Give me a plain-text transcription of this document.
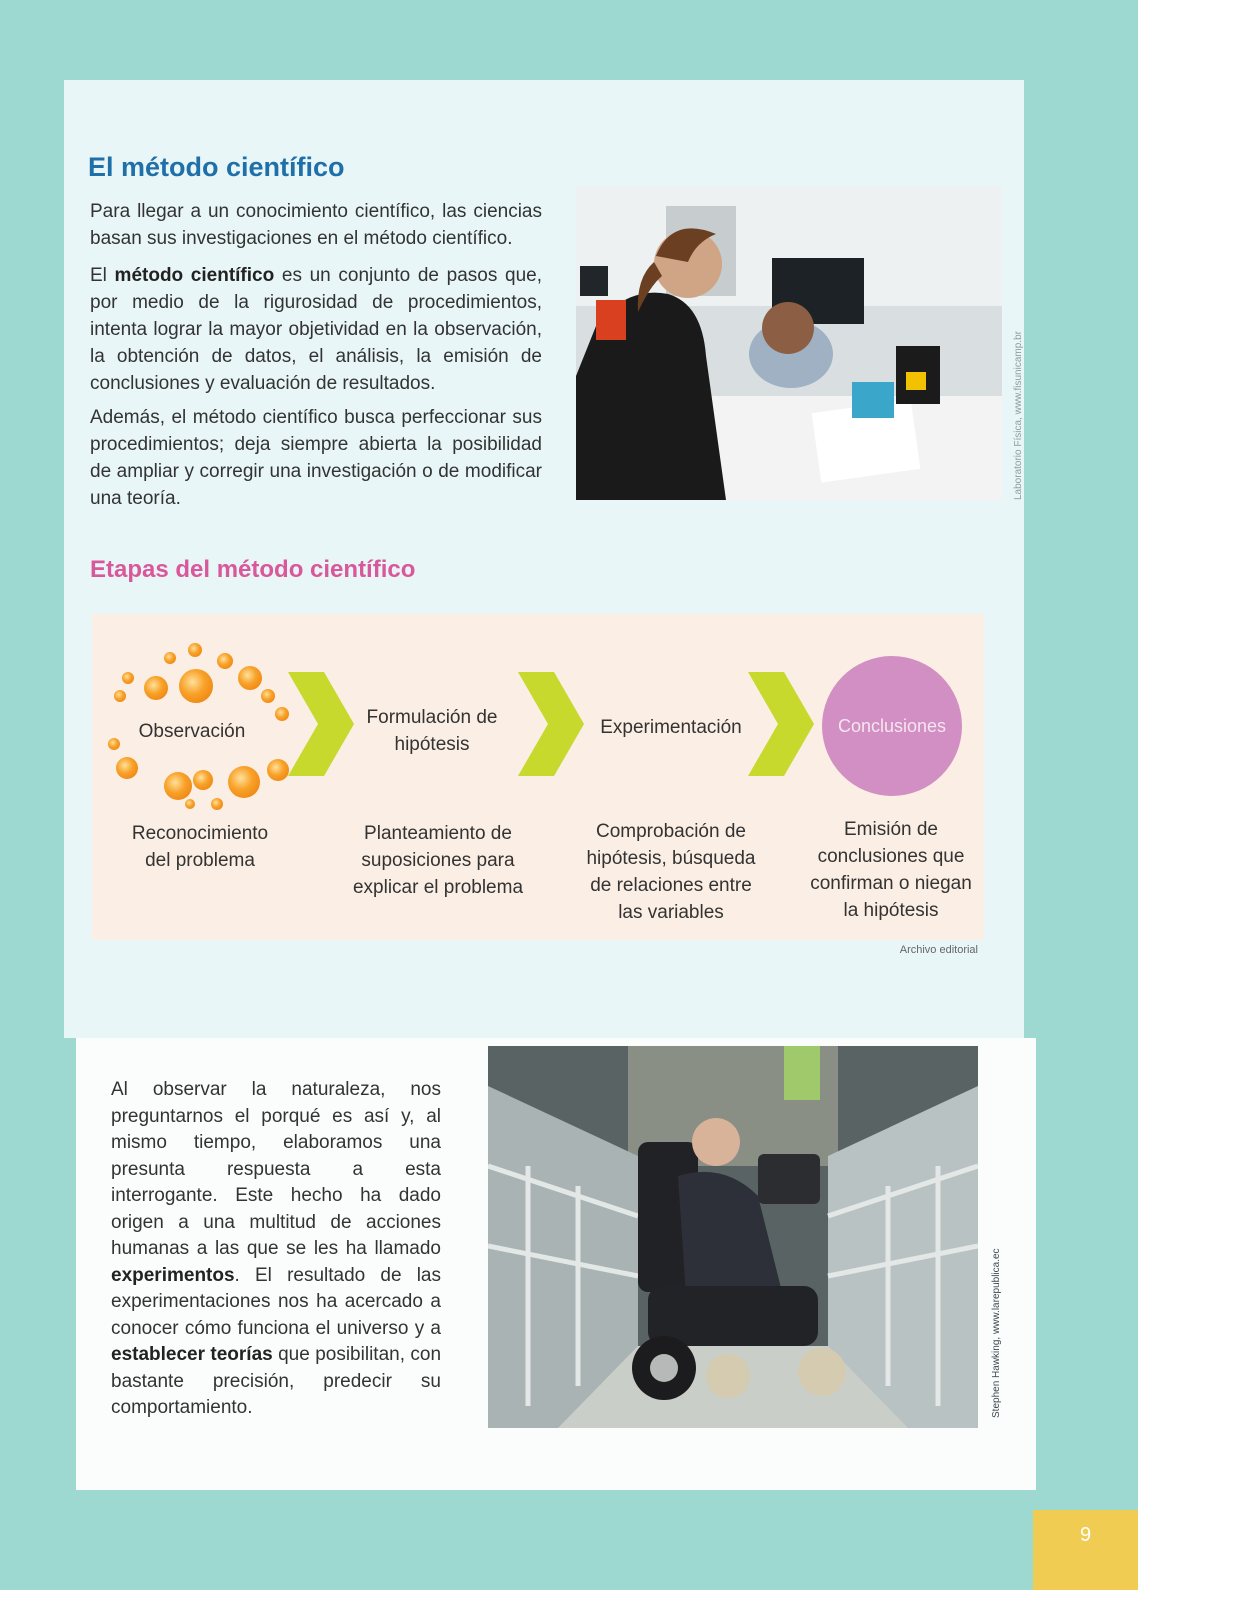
9
El método científico

Para llegar a un conocimiento científico, las ciencias basan sus investigaciones en el método científico.

El método científico es un conjunto de pasos que, por medio de la rigurosidad de procedimientos, intenta lograr la mayor objetividad en la observación, la obtención de datos, el análisis, la emisión de conclusiones y evaluación de resultados.

Además, el método científico busca perfeccionar sus procedimientos; deja siempre abierta la posibilidad de ampliar y corregir una investigación o de modificar una teoría.	Laboratorio Física, www.fisunicamp.br
Etapas del método científico
Observación
Formulación de hipótesis
Experimentación	Conclusiones
Reconocimiento del problema
Planteamiento de suposiciones para explicar el problema
Comprobación de hipótesis, búsqueda de relaciones entre las variables
Emisión de conclusiones que confirman o niegan la hipótesis
Archivo editorial

Al observar la naturaleza, nos preguntarnos el porqué es así y, al mismo tiempo, elaboramos una presunta respuesta a esta interrogante. Este hecho ha dado origen a una multitud de acciones humanas a las que se les ha llamado experimentos. El resultado de las experimentaciones nos ha acercado a conocer cómo funciona el universo y a establecer teorías que posibilitan, con bastante precisión, predecir su comportamiento.	Stephen Hawking, www.larepublica.ec
